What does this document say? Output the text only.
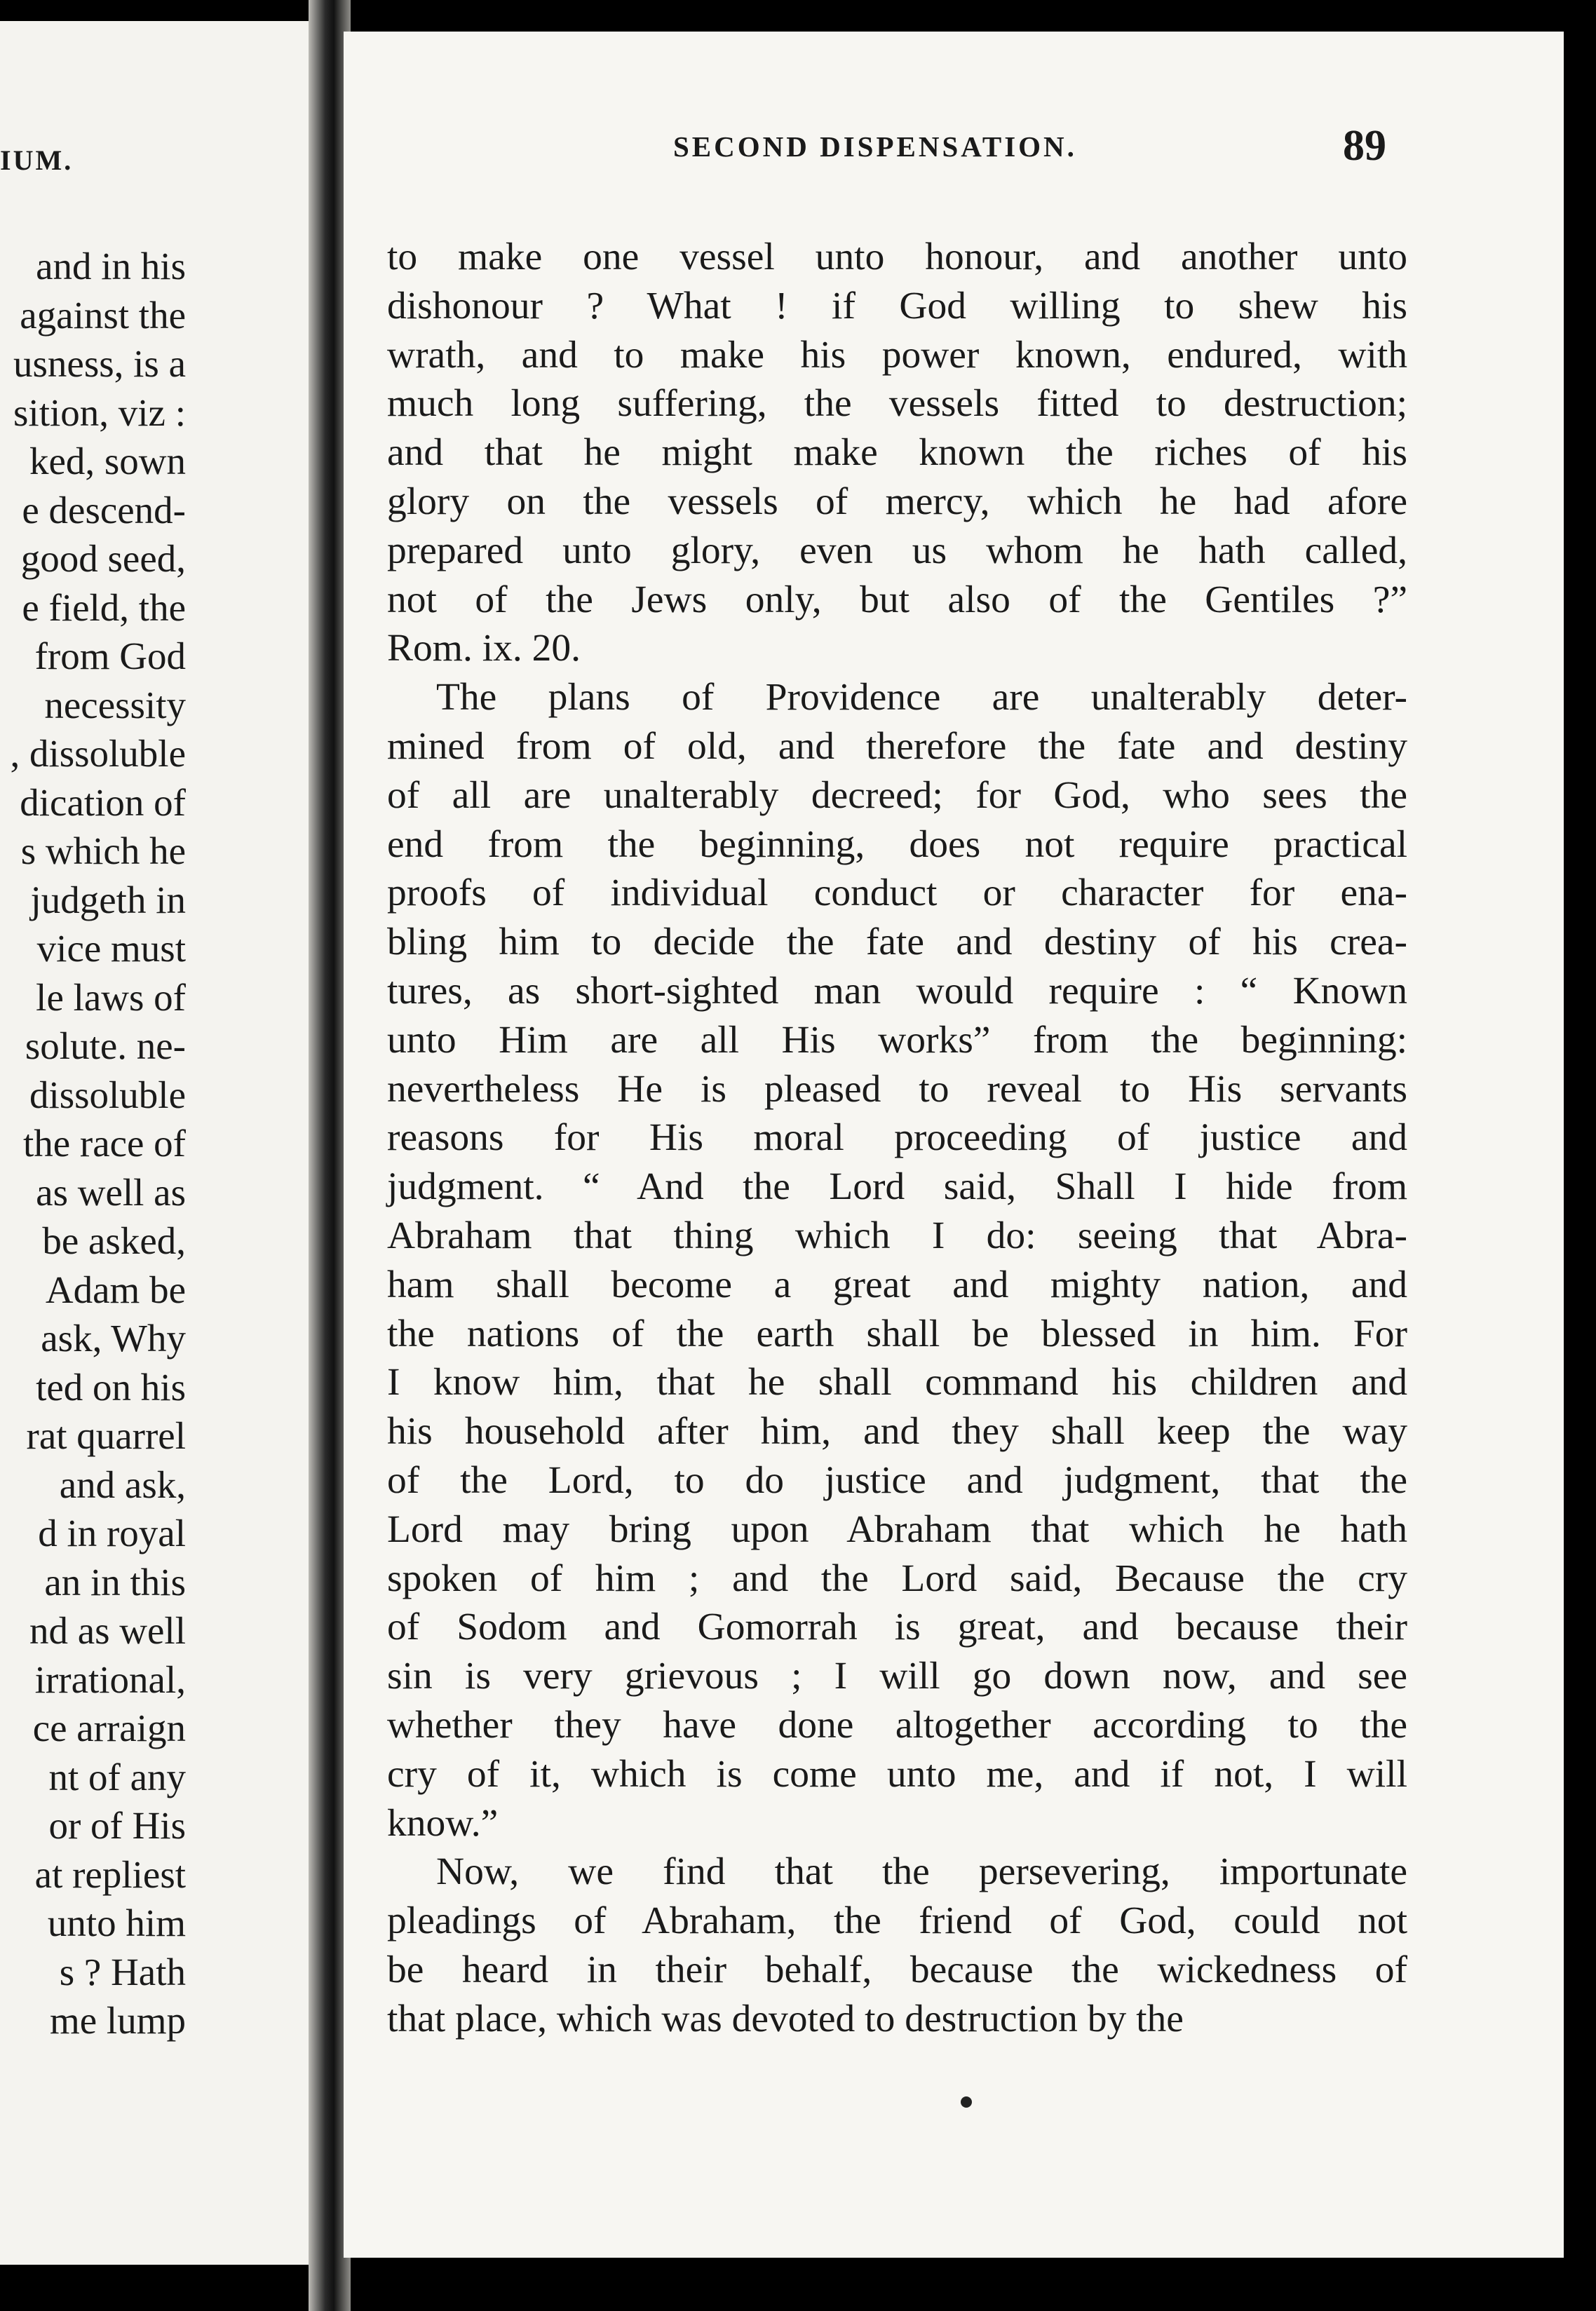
IUM.
and in his
against the
usness, is a
sition, viz :
ked, sown
e descend-
good seed,
e field, the
from God
necessity
, dissoluble
dication of
s which he
judgeth in
vice must
le laws of
solute. ne-
dissoluble
the race of
as well as
be asked,
Adam be
ask, Why
ted on his
rat quarrel
and ask,
d in royal
an in this
nd as well
irrational,
ce arraign
nt of any
or of His
at repliest
unto him
s ? Hath
me lump
SECOND DISPENSATION.	89
to make one vessel unto honour, and another unto
dishonour ? What ! if God willing to shew his
wrath, and to make his power known, endured, with
much long suffering, the vessels fitted to destruction;
and that he might make known the riches of his
glory on the vessels of mercy, which he had afore
prepared unto glory, even us whom he hath called,
not of the Jews only, but also of the Gentiles ?”
Rom. ix. 20.
The plans of Providence are unalterably deter-
mined from of old, and therefore the fate and destiny
of all are unalterably decreed; for God, who sees the
end from the beginning, does not require practical
proofs of individual conduct or character for ena-
bling him to decide the fate and destiny of his crea-
tures, as short-sighted man would require : “ Known
unto Him are all His works” from the beginning:
nevertheless He is pleased to reveal to His servants
reasons for His moral proceeding of justice and
judgment. “ And the Lord said, Shall I hide from
Abraham that thing which I do: seeing that Abra-
ham shall become a great and mighty nation, and
the nations of the earth shall be blessed in him. For
I know him, that he shall command his children and
his household after him, and they shall keep the way
of the Lord, to do justice and judgment, that the
Lord may bring upon Abraham that which he hath
spoken of him ; and the Lord said, Because the cry
of Sodom and Gomorrah is great, and because their
sin is very grievous ; I will go down now, and see
whether they have done altogether according to the
cry of it, which is come unto me, and if not, I will
know.”
Now, we find that the persevering, importunate
pleadings of Abraham, the friend of God, could not
be heard in their behalf, because the wickedness of
that place, which was devoted to destruction by the
